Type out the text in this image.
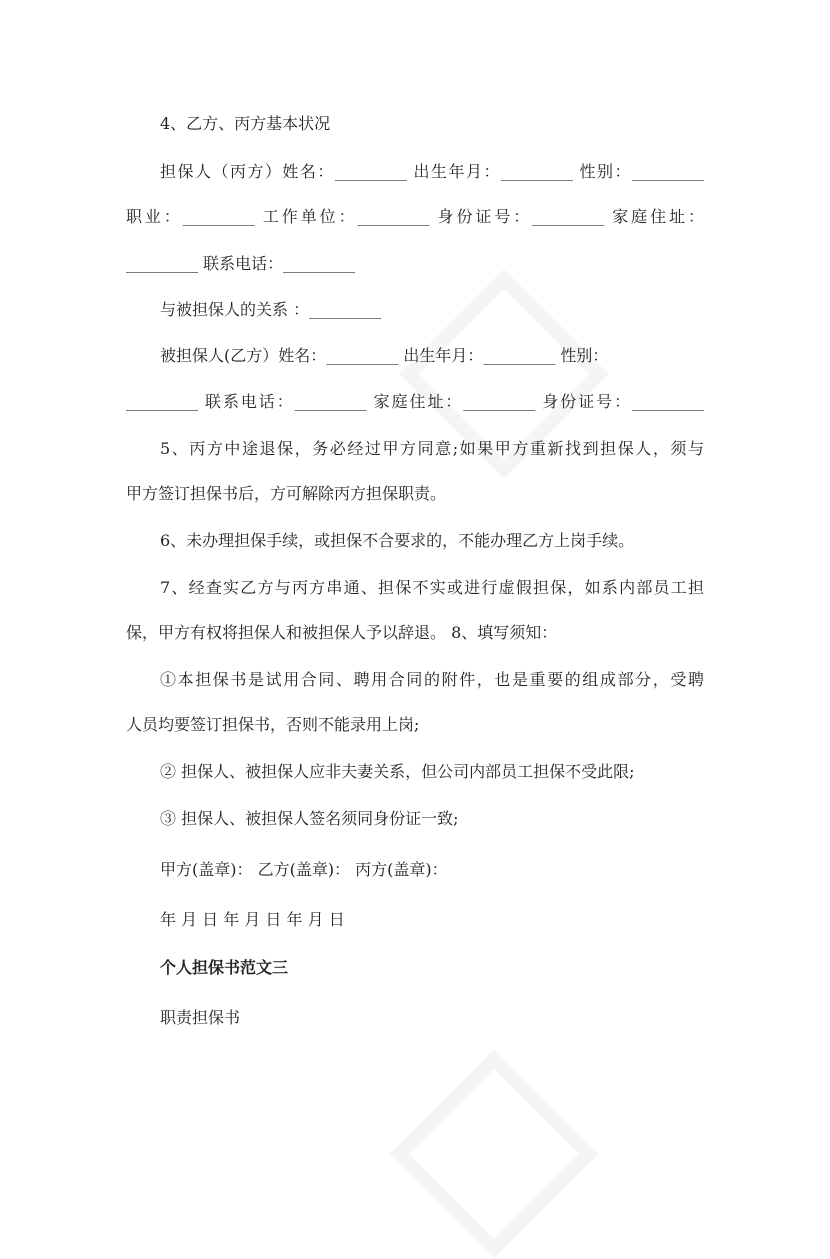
4、乙方、丙方基本状况
担保人（丙方）姓名：_________ 出生年月：_________ 性别：_________
职业：_________ 工作单位：_________ 身份证号：_________ 家庭住址：
_________ 联系电话：_________
与被担保人的关系 ：_________
被担保人(乙方）姓名：_________ 出生年月：_________ 性别：
_________ 联系电话：_________ 家庭住址：_________ 身份证号：_________
5、丙方中途退保，务必经过甲方同意;如果甲方重新找到担保人，须与
甲方签订担保书后，方可解除丙方担保职责。
6、未办理担保手续，或担保不合要求的，不能办理乙方上岗手续。
7、经查实乙方与丙方串通、担保不实或进行虚假担保，如系内部员工担
保，甲方有权将担保人和被担保人予以辞退。 8、填写须知：
①本担保书是试用合同、聘用合同的附件，也是重要的组成部分，受聘
人员均要签订担保书，否则不能录用上岗;
② 担保人、被担保人应非夫妻关系，但公司内部员工担保不受此限;
③ 担保人、被担保人签名须同身份证一致;
甲方(盖章)： 乙方(盖章)： 丙方(盖章)：
年 月 日 年 月 日 年 月 日
个人担保书范文三
职责担保书
